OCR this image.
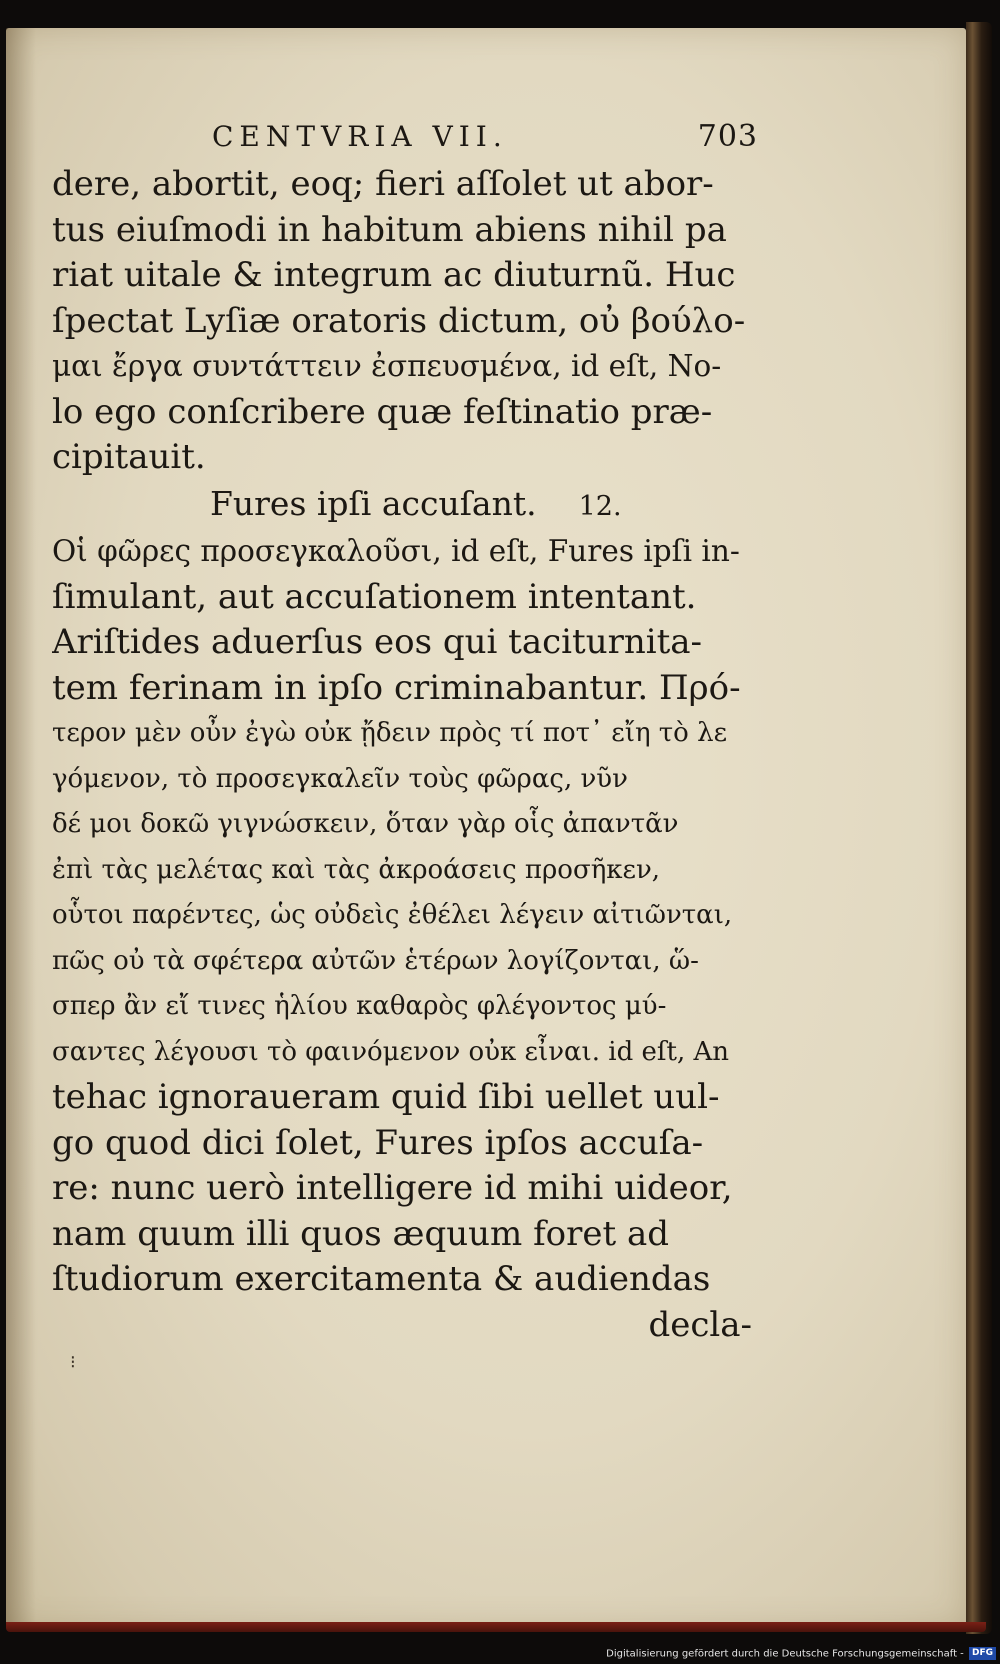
CENTVRIA VII.	703
dere, abortit, eoq; fieri aſſolet ut abor-
tus eiuſmodi in habitum abiens nihil pa
riat uitale & integrum ac diuturnũ. Huc
ſpectat Lyſiæ oratoris dictum, οὐ βούλο-
μαι ἔργα συντάττειν ἐσπευσμένα, id eſt, No-
lo ego conſcribere quæ feſtinatio præ-
cipitauit.
Fures ipſi accuſant. 12.
Οἱ φῶρες προσεγκαλοῦσι, id eſt, Fures ipſi in-
ſimulant, aut accuſationem intentant.
Ariſtides aduerſus eos qui taciturnita-
tem ferinam in ipſo criminabantur. Πρό-
τερον μὲν οὖν ἐγὼ οὐκ ᾔδειν πρὸς τί ποτ᾽ εἴη τὸ λε
γόμενον, τὸ προσεγκαλεῖν τοὺς φῶρας, νῦν
δέ μοι δοκῶ γιγνώσκειν, ὅταν γὰρ οἷς ἀπαντᾶν
ἐπὶ τὰς μελέτας καὶ τὰς ἀκροάσεις προσῆκεν,
οὗτοι παρέντες, ὡς οὐδεὶς ἐθέλει λέγειν αἰτιῶνται,
πῶς οὐ τὰ σφέτερα αὐτῶν ἑτέρων λογίζονται, ὥ-
σπερ ἂν εἴ τινες ἡλίου καθαρὸς φλέγοντος μύ-
σαντες λέγουσι τὸ φαινόμενον οὐκ εἶναι. id eſt, An
tehac ignoraueram quid ſibi uellet uul-
go quod dici ſolet, Fures ipſos accuſa-
re: nunc uerò intelligere id mihi uideor,
nam quum illi quos æquum foret ad
ſtudiorum exercitamenta & audiendas
decla-
⁝
Digitalisierung gefördert durch die Deutsche Forschungsgemeinschaft - DFG
